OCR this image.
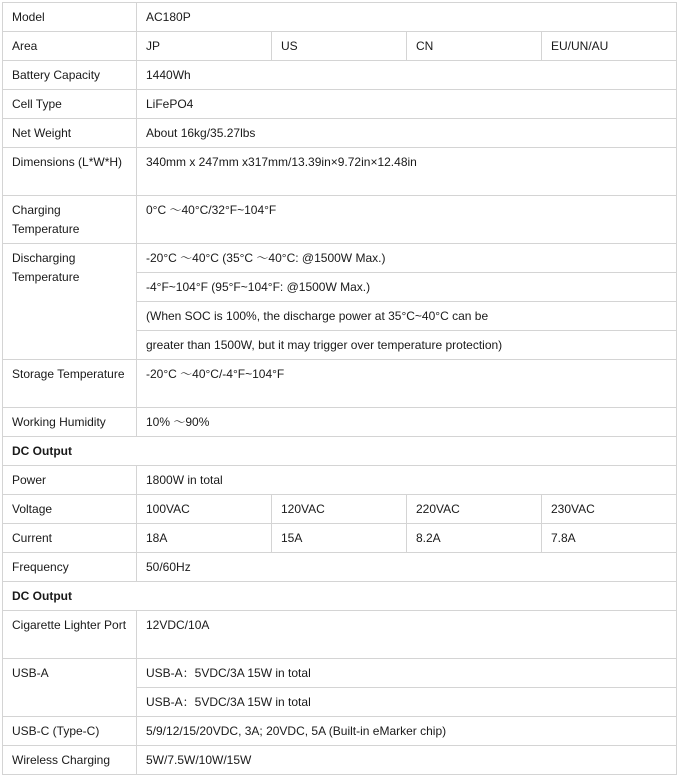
Model	AC180P			
Area	JP	US	CN	EU/UN/AU
Battery Capacity	1440Wh			
Cell Type	LiFePO4			
Net Weight	About 16kg/35.27lbs			
Dimensions (L*W*H)	340mm x 247mm x317mm/13.39in×9.72in×12.48in			
Charging Temperature	0°C ～40°C/32°F~104°F			
Discharging Temperature	-20°C ～40°C (35°C ～40°C: @1500W Max.)			
	-4°F~104°F (95°F~104°F: @1500W Max.)			
	(When SOC is 100%, the discharge power at 35°C~40°C can be			
	greater than 1500W, but it may trigger over temperature protection)			
Storage Temperature	-20°C ～40°C/-4°F~104°F			
Working Humidity	10% ～90%			
DC Output				
Power	1800W in total			
Voltage	100VAC	120VAC	220VAC	230VAC
Current	18A	15A	8.2A	7.8A
Frequency	50/60Hz			
DC Output				
Cigarette Lighter Port	12VDC/10A			
USB-A	USB-A：5VDC/3A 15W in total			
	USB-A：5VDC/3A 15W in total			
USB-C (Type-C)	5/9/12/15/20VDC, 3A; 20VDC, 5A (Built-in eMarker chip)			
Wireless Charging	5W/7.5W/10W/15W			
